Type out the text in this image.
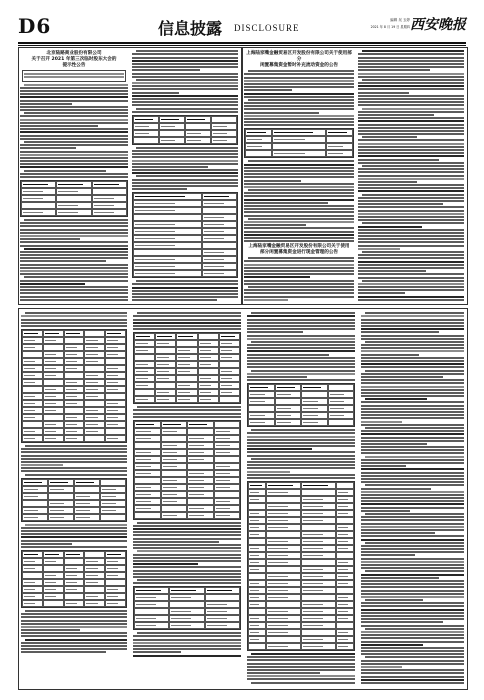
D6	信息披露 DISCLOSURE
编辑 吴 玉婷
2021 年 8 月 19 日 星期四 西安晚报
北京陆路商业股份有限公司
关于召开 2021 年第三次临时股东大会的
提示性公告
上海陆家嘴金融贸易区开发股份有限公司关于使用部分
闲置募集资金暂时补充流动资金的公告
上海陆家嘴金融贸易区开发股份有限公司关于使用
部分闲置募集资金进行现金管理的公告
